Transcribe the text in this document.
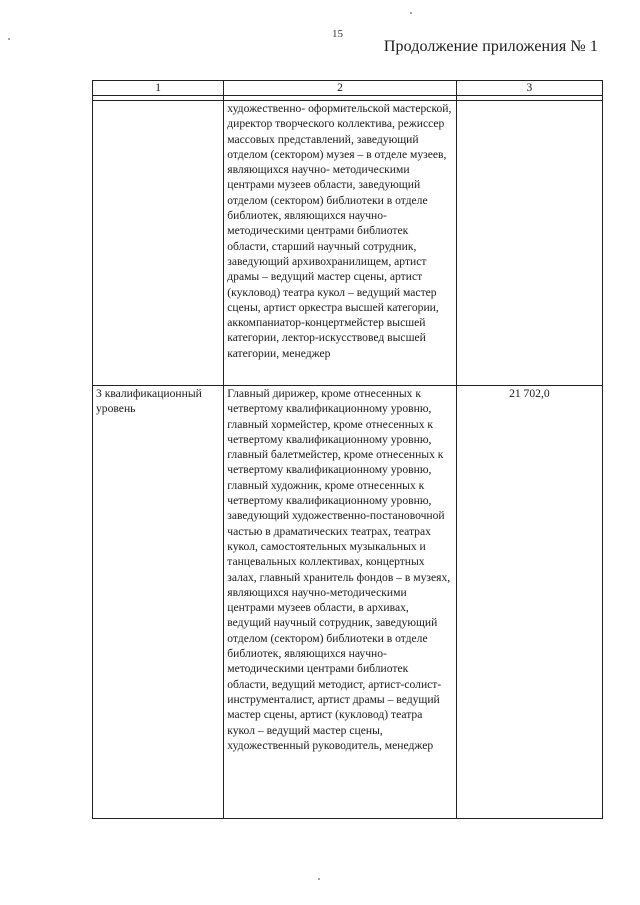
15
Продолжение приложения № 1
1	2	3

	художественно- оформительской мастерской, директор творческого коллектива, режиссер массовых представлений, заведующий отделом (сектором) музея – в отделе музеев, являющихся научно- методическими центрами музеев области, заведующий отделом (сектором) библиотеки в отделе библиотек, являющихся научно-методическими центрами библиотек области, старший научный сотрудник, заведующий архивохранилищем, артист драмы – ведущий мастер сцены, артист (кукловод) театра кукол – ведущий мастер сцены, артист оркестра высшей категории, аккомпаниатор-концертмейстер высшей категории, лектор-искусствовед высшей категории, менеджер	
3 квалификационный уровень	Главный дирижер, кроме отнесенных к четвертому квалификационному уровню, главный хормейстер, кроме отнесенных к четвертому квалификационному уровню, главный балетмейстер, кроме отнесенных к четвертому квалификационному уровню, главный художник, кроме отнесенных к четвертому квалификационному уровню, заведующий художественно-постановочной частью в драматических театрах, театрах кукол, самостоятельных музыкальных и танцевальных коллективах, концертных залах, главный хранитель фондов – в музеях, являющихся научно-методическими центрами музеев области, в архивах, ведущий научный сотрудник, заведующий отделом (сектором) библиотеки в отделе библиотек, являющихся научно-методическими центрами библиотек области, ведущий методист, артист-солист-инструменталист, артист драмы – ведущий мастер сцены, артист (кукловод) театра кукол – ведущий мастер сцены, художественный руководитель, менеджер	21 702,0
